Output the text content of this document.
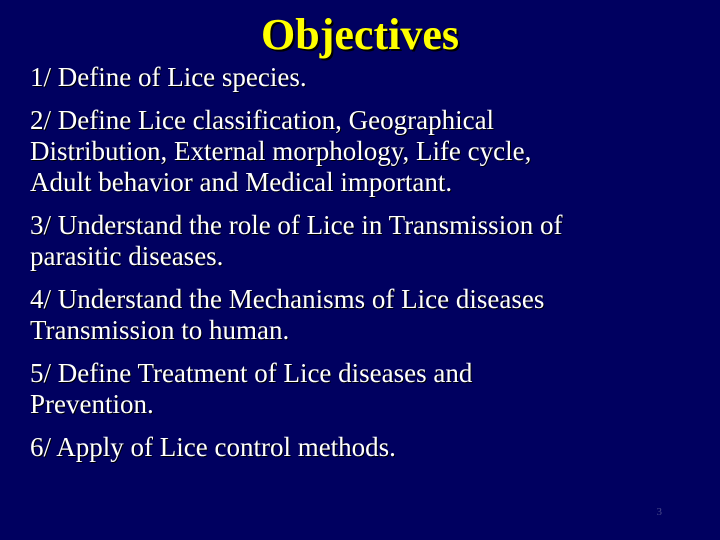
Objectives
1/ Define of Lice species.
2/ Define Lice classification, Geographical
Distribution, External morphology, Life cycle,
Adult behavior and Medical important.
3/ Understand the role of Lice in Transmission of
parasitic diseases.
4/ Understand the Mechanisms of Lice diseases
Transmission to human.
5/ Define Treatment of Lice diseases and
Prevention.
6/ Apply of Lice control methods.
3
